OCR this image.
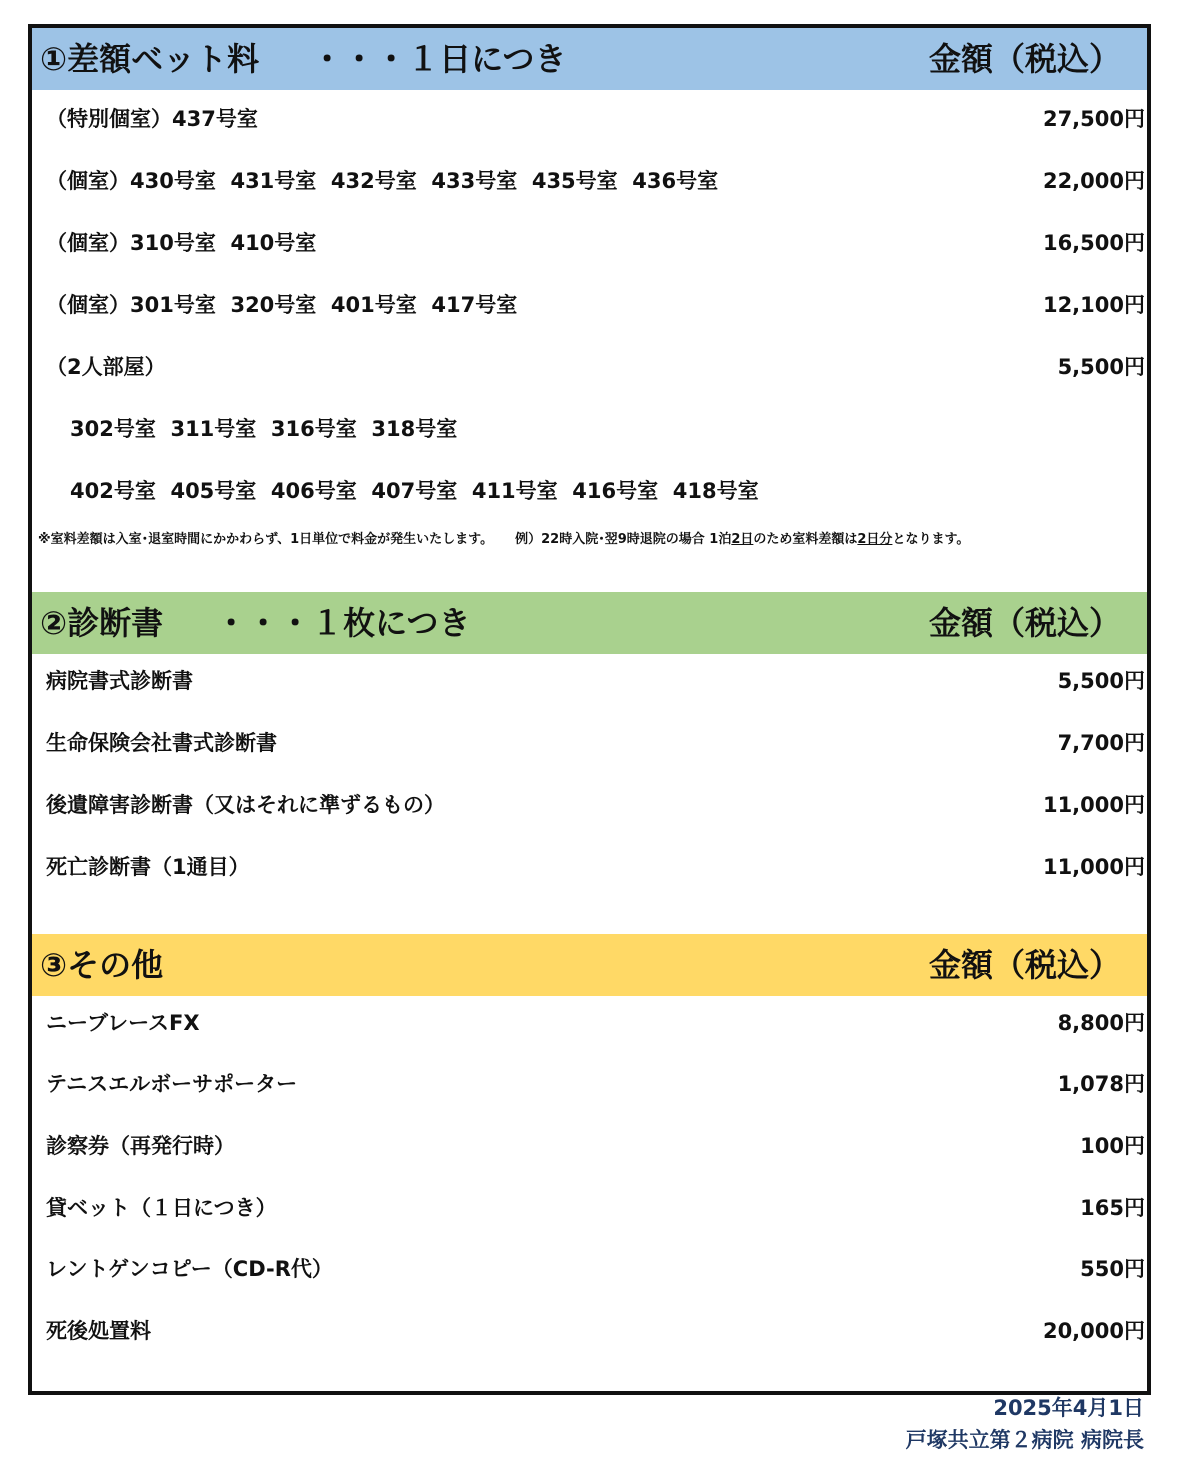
①差額ベット料 ・・・１日につき	金額（税込）
（特別個室）437号室	27,500円
（個室）430号室  431号室  432号室  433号室  435号室  436号室	22,000円
（個室）310号室  410号室	16,500円
（個室）301号室  320号室  401号室  417号室	12,100円
（2人部屋）	5,500円
302号室  311号室  316号室  318号室
402号室  405号室  406号室  407号室  411号室  416号室  418号室
※室料差額は入室･退室時間にかかわらず、1日単位で料金が発生いたします。 例）22時入院･翌9時退院の場合 1泊2日のため室料差額は2日分となります。
②診断書 ・・・１枚につき	金額（税込）
病院書式診断書	5,500円
生命保険会社書式診断書	7,700円
後遺障害診断書（又はそれに準ずるもの）	11,000円
死亡診断書（1通目）	11,000円
③その他	金額（税込）
ニーブレースFX	8,800円
テニスエルボーサポーター	1,078円
診察券（再発行時）	100円
貸ベット（１日につき）	165円
レントゲンコピー（CD-R代）	550円
死後処置料	20,000円
2025年4月1日
戸塚共立第２病院 病院長
